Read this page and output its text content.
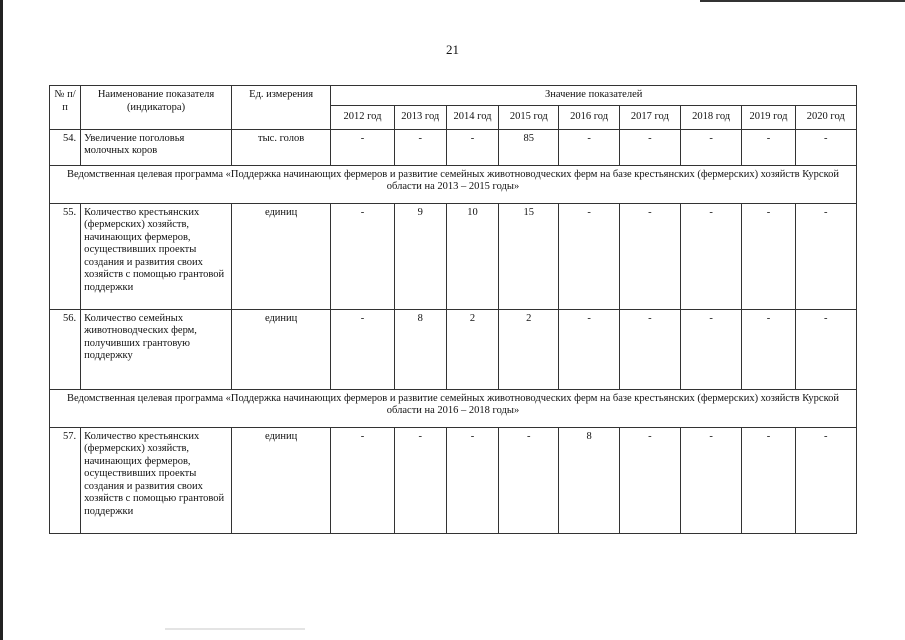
21
№ п/п	Наименование показателя (индикатора)	Ед. измерения	Значение показателей								
			2012 год	2013 год	2014 год	2015 год	2016 год	2017 год	2018 год	2019 год	2020 год
54.	Увеличение поголовья молочных коров	тыс. голов	-	-	-	85	-	-	-	-	-
Ведомственная целевая программа «Поддержка начинающих фермеров и развитие семейных животноводческих ферм на базе крестьянских (фермерских) хозяйств Курской области на 2013 – 2015 годы»											
55.	Количество крестьянских (фермерских) хозяйств, начинающих фермеров, осуществивших проекты создания и развития своих хозяйств с помощью грантовой поддержки	единиц	-	9	10	15	-	-	-	-	-
56.	Количество семейных животноводческих ферм, получивших грантовую поддержку	единиц	-	8	2	2	-	-	-	-	-
Ведомственная целевая программа «Поддержка начинающих фермеров и развитие семейных животноводческих ферм на базе крестьянских (фермерских) хозяйств Курской области на 2016 – 2018 годы»											
57.	Количество крестьянских (фермерских) хозяйств, начинающих фермеров, осуществивших проекты создания и развития своих хозяйств с помощью грантовой поддержки	единиц	-	-	-	-	8	-	-	-	-
